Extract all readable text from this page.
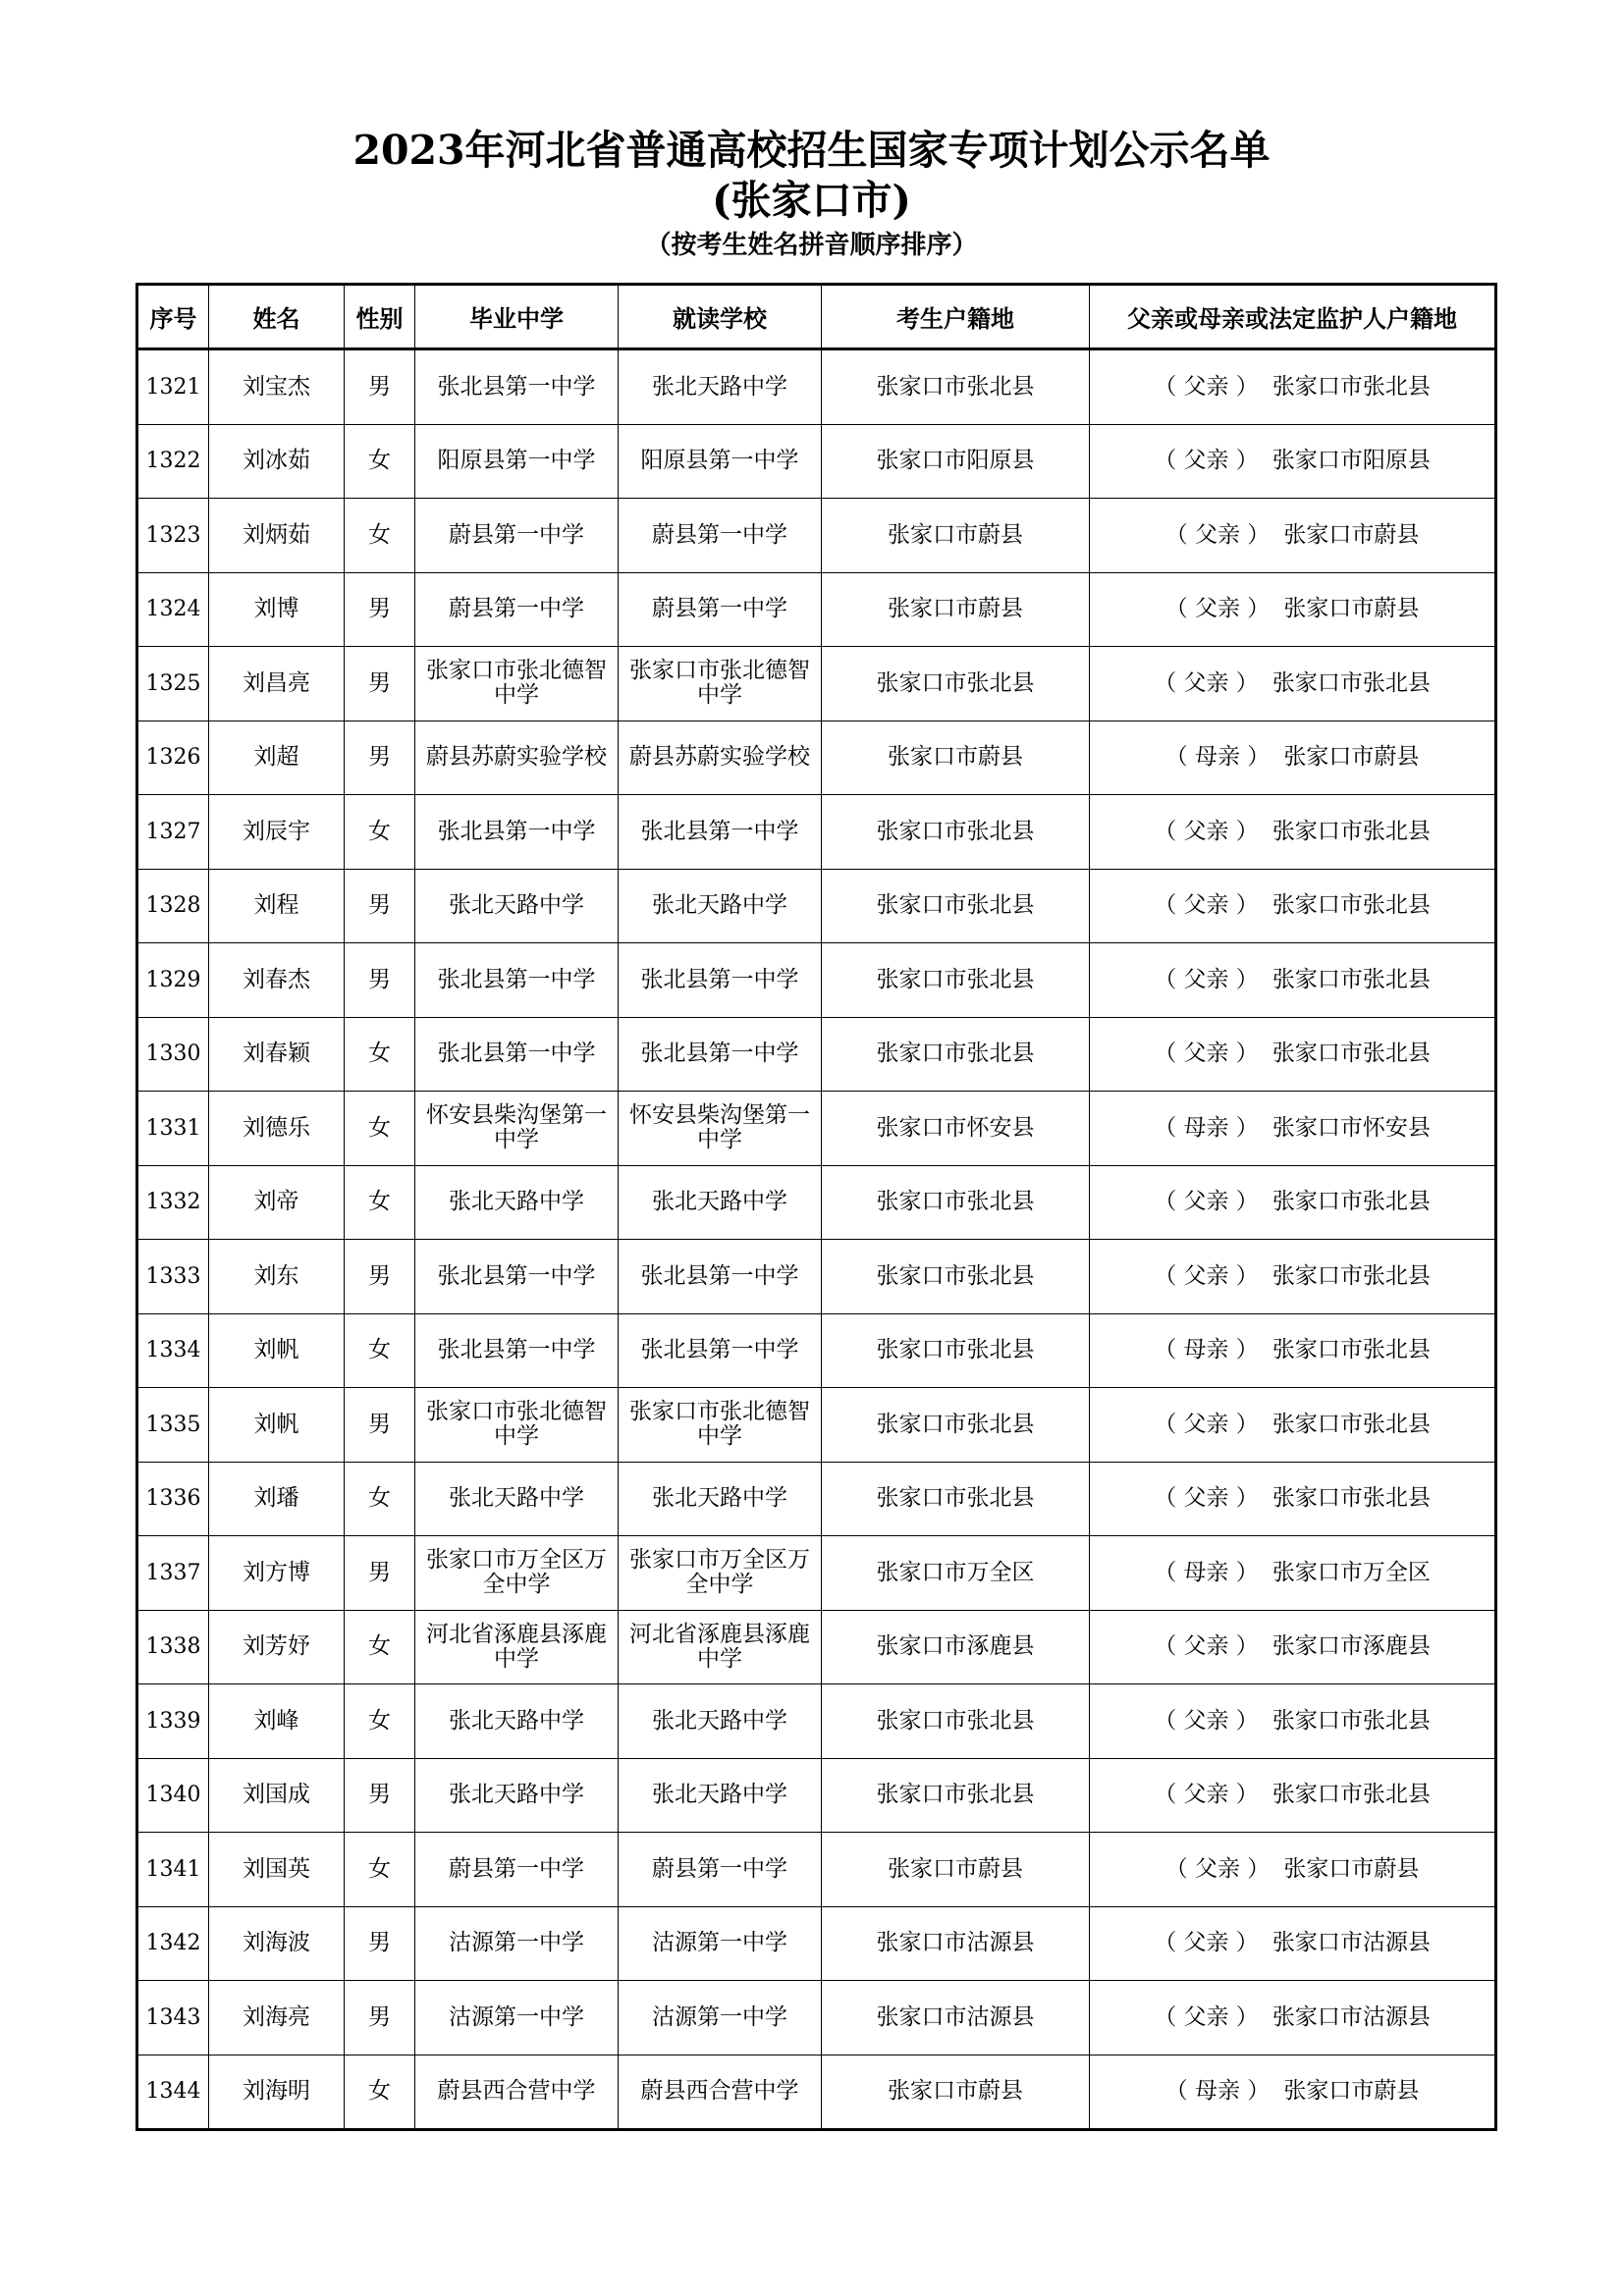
2023年河北省普通高校招生国家专项计划公示名单
(张家口市)
（按考生姓名拼音顺序排序）
序号	姓名	性别	毕业中学	就读学校	考生户籍地	父亲或母亲或法定监护人户籍地
1321	刘宝杰	男	张北县第一中学	张北天路中学	张家口市张北县	（ 父亲 ） 张家口市张北县
1322	刘冰茹	女	阳原县第一中学	阳原县第一中学	张家口市阳原县	（ 父亲 ） 张家口市阳原县
1323	刘炳茹	女	蔚县第一中学	蔚县第一中学	张家口市蔚县	（ 父亲 ） 张家口市蔚县
1324	刘博	男	蔚县第一中学	蔚县第一中学	张家口市蔚县	（ 父亲 ） 张家口市蔚县
1325	刘昌亮	男	张家口市张北德智中学	张家口市张北德智中学	张家口市张北县	（ 父亲 ） 张家口市张北县
1326	刘超	男	蔚县苏蔚实验学校	蔚县苏蔚实验学校	张家口市蔚县	（ 母亲 ） 张家口市蔚县
1327	刘辰宇	女	张北县第一中学	张北县第一中学	张家口市张北县	（ 父亲 ） 张家口市张北县
1328	刘程	男	张北天路中学	张北天路中学	张家口市张北县	（ 父亲 ） 张家口市张北县
1329	刘春杰	男	张北县第一中学	张北县第一中学	张家口市张北县	（ 父亲 ） 张家口市张北县
1330	刘春颖	女	张北县第一中学	张北县第一中学	张家口市张北县	（ 父亲 ） 张家口市张北县
1331	刘德乐	女	怀安县柴沟堡第一中学	怀安县柴沟堡第一中学	张家口市怀安县	（ 母亲 ） 张家口市怀安县
1332	刘帝	女	张北天路中学	张北天路中学	张家口市张北县	（ 父亲 ） 张家口市张北县
1333	刘东	男	张北县第一中学	张北县第一中学	张家口市张北县	（ 父亲 ） 张家口市张北县
1334	刘帆	女	张北县第一中学	张北县第一中学	张家口市张北县	（ 母亲 ） 张家口市张北县
1335	刘帆	男	张家口市张北德智中学	张家口市张北德智中学	张家口市张北县	（ 父亲 ） 张家口市张北县
1336	刘璠	女	张北天路中学	张北天路中学	张家口市张北县	（ 父亲 ） 张家口市张北县
1337	刘方博	男	张家口市万全区万全中学	张家口市万全区万全中学	张家口市万全区	（ 母亲 ） 张家口市万全区
1338	刘芳妤	女	河北省涿鹿县涿鹿中学	河北省涿鹿县涿鹿中学	张家口市涿鹿县	（ 父亲 ） 张家口市涿鹿县
1339	刘峰	女	张北天路中学	张北天路中学	张家口市张北县	（ 父亲 ） 张家口市张北县
1340	刘国成	男	张北天路中学	张北天路中学	张家口市张北县	（ 父亲 ） 张家口市张北县
1341	刘国英	女	蔚县第一中学	蔚县第一中学	张家口市蔚县	（ 父亲 ） 张家口市蔚县
1342	刘海波	男	沽源第一中学	沽源第一中学	张家口市沽源县	（ 父亲 ） 张家口市沽源县
1343	刘海亮	男	沽源第一中学	沽源第一中学	张家口市沽源县	（ 父亲 ） 张家口市沽源县
1344	刘海明	女	蔚县西合营中学	蔚县西合营中学	张家口市蔚县	（ 母亲 ） 张家口市蔚县
